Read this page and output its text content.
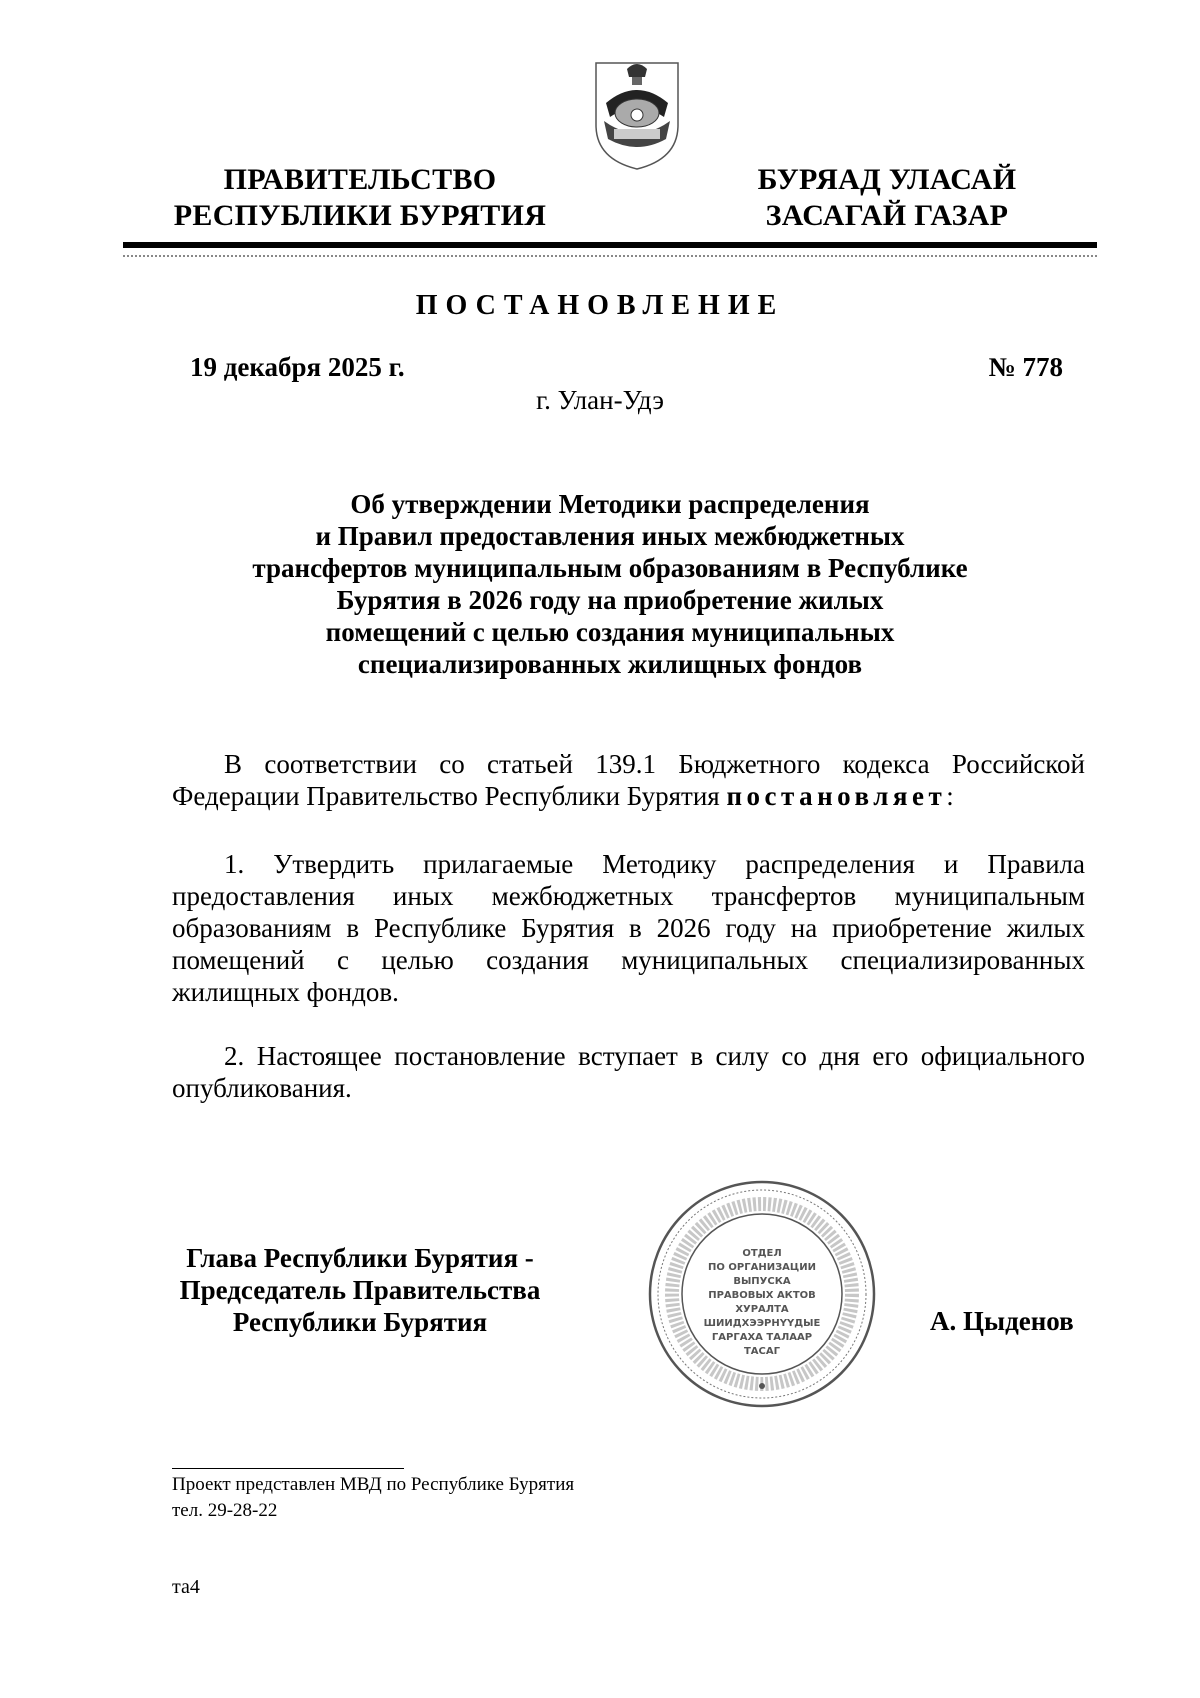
ПРАВИТЕЛЬСТВО
РЕСПУБЛИКИ БУРЯТИЯ
БУРЯАД УЛАСАЙ
ЗАСАГАЙ ГАЗАР
ПОСТАНОВЛЕНИЕ
19 декабря 2025 г.	№ 778
г. Улан-Удэ
Об утверждении Методики распределения
и Правил предоставления иных межбюджетных
трансфертов муниципальным образованиям в Республике
Бурятия в 2026 году на приобретение жилых
помещений с целью создания муниципальных
специализированных жилищных фондов
В соответствии со статьей 139.1 Бюджетного кодекса Российской Федерации Правительство Республики Бурятия постановляет:
1. Утвердить прилагаемые Методику распределения и Правила предоставления иных межбюджетных трансфертов муниципальным образованиям в Республике Бурятия в 2026 году на приобретение жилых помещений с целью создания муниципальных специализированных жилищных фондов.
2. Настоящее постановление вступает в силу со дня его официального опубликования.
Глава Республики Бурятия -
Председатель Правительства
Республики Бурятия	А. Цыденов
ОТДЕЛ
ПО ОРГАНИЗАЦИИ
ВЫПУСКА
ПРАВОВЫХ АКТОВ
ХУРАЛТА
ШИИДХЭЭРНҮҮДЫЕ
ГАРГАХА ТАЛААР
ТАСАГ
Проект представлен МВД по Республике Бурятия
тел. 29-28-22
та4
